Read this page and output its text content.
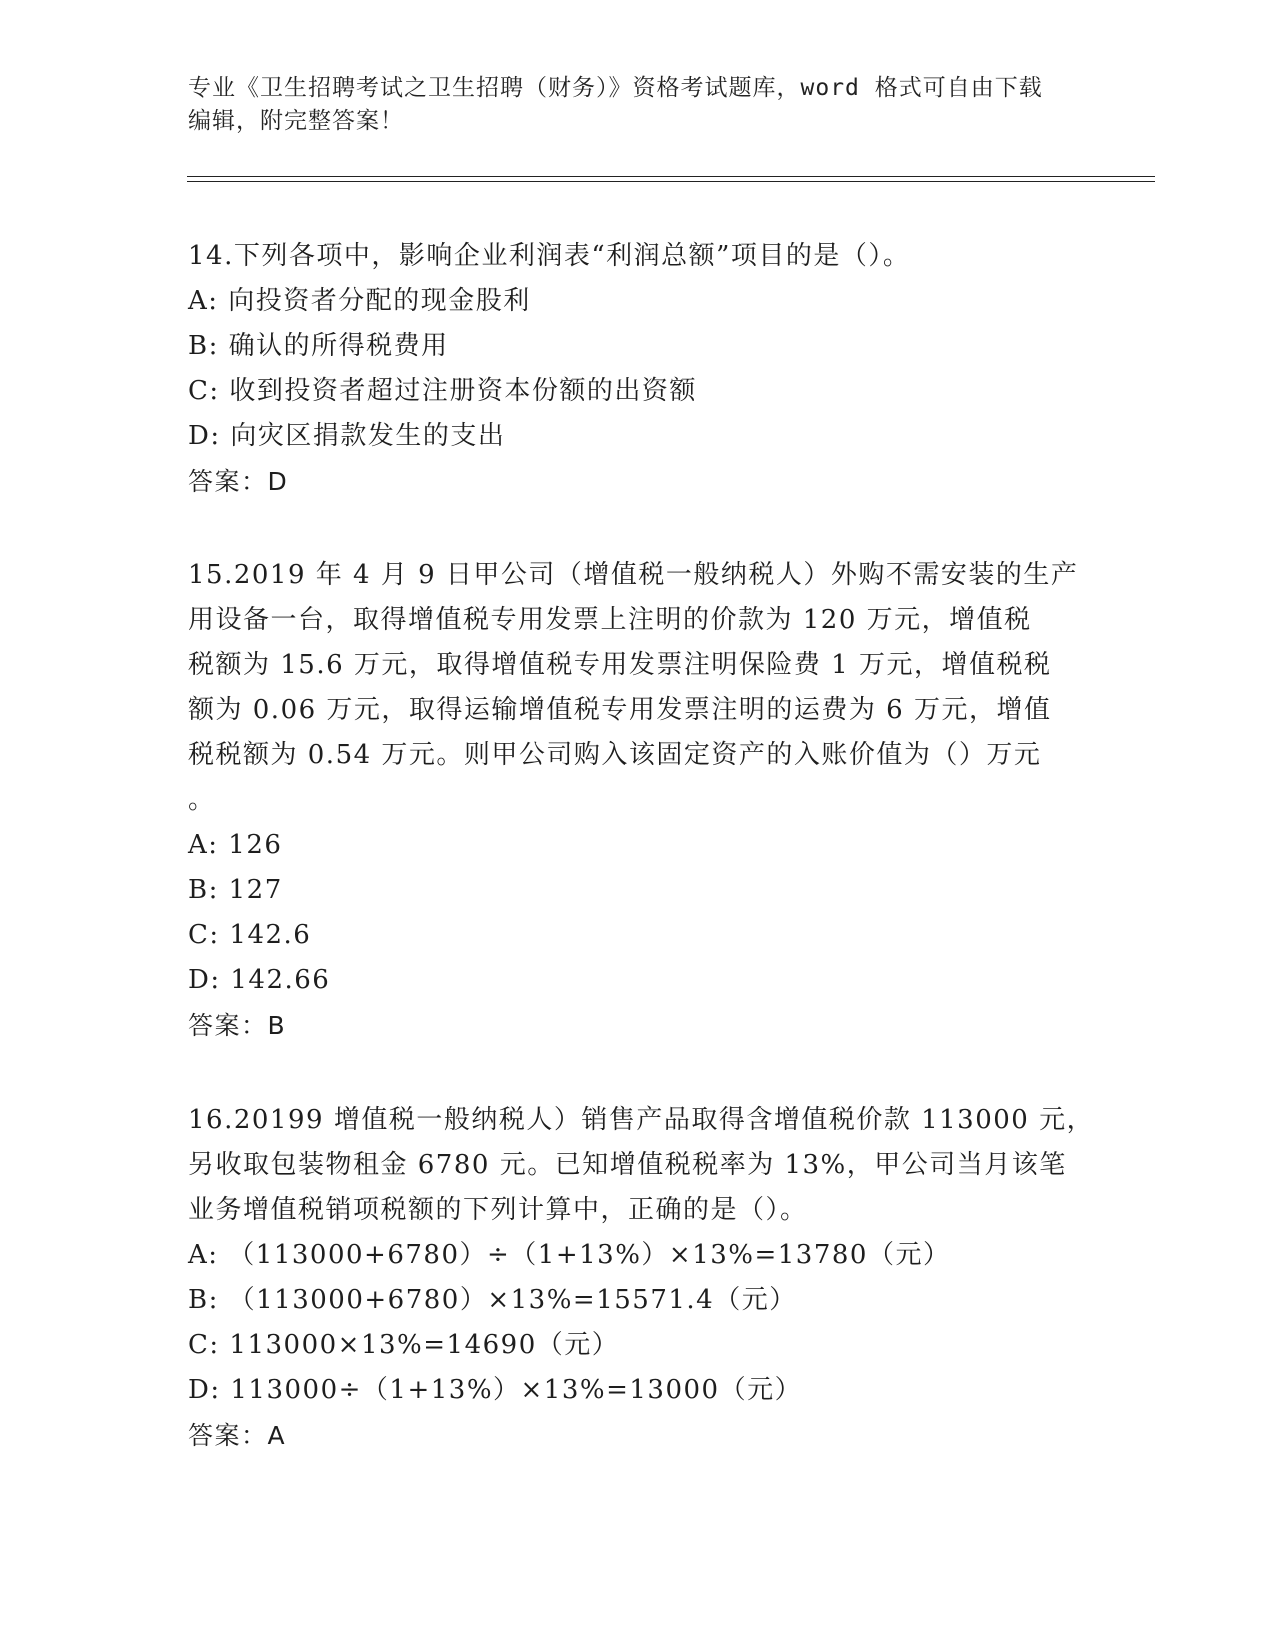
专业《卫生招聘考试之卫生招聘（财务）》资格考试题库，word 格式可自由下载
编辑，附完整答案！
14.下列各项中，影响企业利润表“利润总额”项目的是（）。
A: 向投资者分配的现金股利
B: 确认的所得税费用
C: 收到投资者超过注册资本份额的出资额
D: 向灾区捐款发生的支出
答案：D
15.2019 年 4 月 9 日甲公司（增值税一般纳税人）外购不需安装的生产
用设备一台，取得增值税专用发票上注明的价款为 120 万元，增值税
税额为 15.6 万元，取得增值税专用发票注明保险费 1 万元，增值税税
额为 0.06 万元，取得运输增值税专用发票注明的运费为 6 万元，增值
税税额为 0.54 万元。则甲公司购入该固定资产的入账价值为（）万元
。
A: 126
B: 127
C: 142.6
D: 142.66
答案：B
16.20199 增值税一般纳税人）销售产品取得含增值税价款 113000 元，
另收取包装物租金 6780 元。已知增值税税率为 13%，甲公司当月该笔
业务增值税销项税额的下列计算中，正确的是（）。
A: （113000+6780）÷（1+13%）×13%=13780（元）
B: （113000+6780）×13%=15571.4（元）
C: 113000×13%=14690（元）
D: 113000÷（1+13%）×13%=13000（元）
答案：A
